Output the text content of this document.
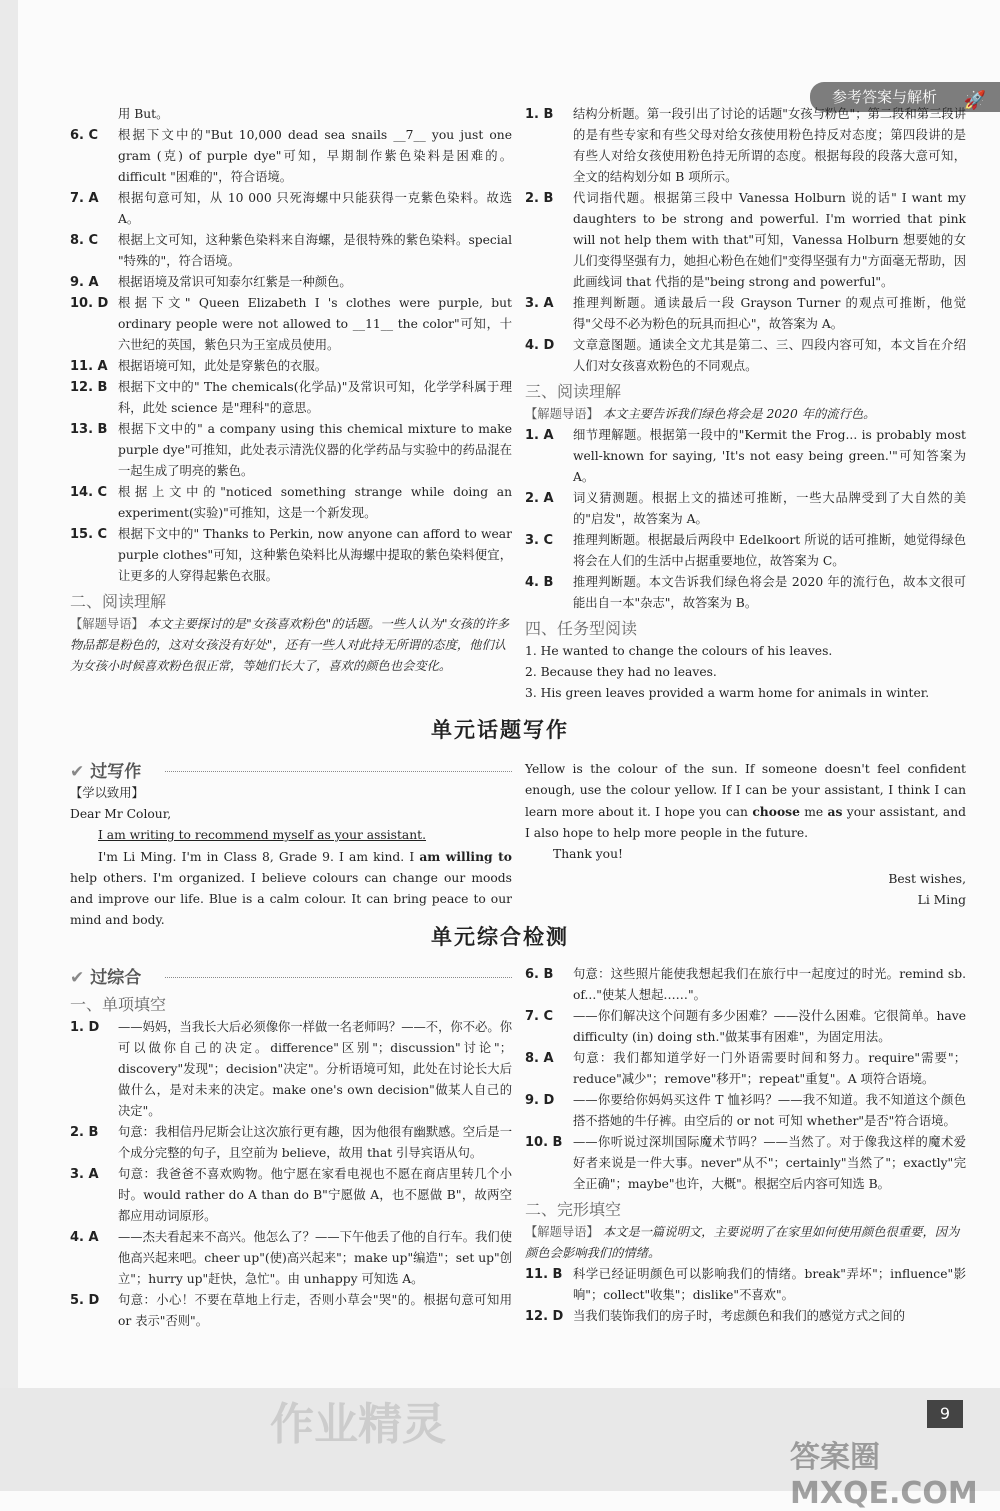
参考答案与解析 🚀
用 But。
6. C	根据下文中的"But 10,000 dead sea snails __7__ you just one gram (克) of purple dye"可知，早期制作紫色染料是困难的。difficult "困难的"，符合语境。
7. A	根据句意可知，从 10 000 只死海螺中只能获得一克紫色染料。故选 A。
8. C	根据上文可知，这种紫色染料来自海螺，是很特殊的紫色染料。special "特殊的"，符合语境。
9. A	根据语境及常识可知泰尔红紫是一种颜色。
10. D 根据下文" Queen Elizabeth I 's clothes were purple, but ordinary people were not allowed to __11__ the color"可知，十六世纪的英国，紫色只为王室成员使用。
11. A 根据语境可知，此处是穿紫色的衣服。
12. B 根据下文中的" The chemicals(化学品)"及常识可知，化学学科属于理科，此处 science 是"理科"的意思。
13. B 根据下文中的" a company using this chemical mixture to make purple dye"可推知，此处表示清洗仪器的化学药品与实验中的药品混在一起生成了明亮的紫色。
14. C 根据上文中的"noticed something strange while doing an experiment(实验)"可推知，这是一个新发现。
15. C 根据下文中的" Thanks to Perkin, now anyone can afford to wear purple clothes"可知，这种紫色染料比从海螺中提取的紫色染料便宜，让更多的人穿得起紫色衣服。
二、阅读理解
【解题导语】 本文主要探讨的是"女孩喜欢粉色"的话题。一些人认为"女孩的许多物品都是粉色的，这对女孩没有好处"，还有一些人对此持无所谓的态度，他们认为女孩小时候喜欢粉色很正常，等她们长大了，喜欢的颜色也会变化。
1. B	结构分析题。第一段引出了讨论的话题"女孩与粉色"；第二段和第三段讲的是有些专家和有些父母对给女孩使用粉色持反对态度；第四段讲的是有些人对给女孩使用粉色持无所谓的态度。根据每段的段落大意可知，全文的结构划分如 B 项所示。
2. B	代词指代题。根据第三段中 Vanessa Holburn 说的话" I want my daughters to be strong and powerful. I'm worried that pink will not help them with that"可知，Vanessa Holburn 想要她的女儿们变得坚强有力，她担心粉色在她们"变得坚强有力"方面毫无帮助，因此画线词 that 代指的是"being strong and powerful"。
3. A	推理判断题。通读最后一段 Grayson Turner 的观点可推断，他觉得"父母不必为粉色的玩具而担心"，故答案为 A。
4. D	文章意图题。通读全文尤其是第二、三、四段内容可知，本文旨在介绍人们对女孩喜欢粉色的不同观点。
三、阅读理解
【解题导语】 本文主要告诉我们绿色将会是 2020 年的流行色。
1. A	细节理解题。根据第一段中的"Kermit the Frog... is probably most well-known for saying, 'It's not easy being green.'"可知答案为 A。
2. A	词义猜测题。根据上文的描述可推断，一些大品牌受到了大自然的美的"启发"，故答案为 A。
3. C	推理判断题。根据最后两段中 Edelkoort 所说的话可推断，她觉得绿色将会在人们的生活中占据重要地位，故答案为 C。
4. B	推理判断题。本文告诉我们绿色将会是 2020 年的流行色，故本文很可能出自一本"杂志"，故答案为 B。
四、任务型阅读
1. He wanted to change the colours of his leaves.
2. Because they had no leaves.
3. His green leaves provided a warm home for animals in winter.
单元话题写作
✔ 过写作
【学以致用】
Dear Mr Colour,
I am writing to recommend myself as your assistant.
I'm Li Ming. I'm in Class 8, Grade 9. I am kind. I am willing to help others. I'm organized. I believe colours can change our moods and improve our life. Blue is a calm colour. It can bring peace to our mind and body.
Yellow is the colour of the sun. If someone doesn't feel confident enough, use the colour yellow. If I can be your assistant, I think I can learn more about it. I hope you can choose me as your assistant, and I also hope to help more people in the future.
Thank you!
Best wishes,
Li Ming
单元综合检测
✔ 过综合
一、单项填空
1. D	——妈妈，当我长大后必须像你一样做一名老师吗？——不，你不必。你可以做你自己的决定。difference"区别"；discussion"讨论"；discovery"发现"；decision"决定"。分析语境可知，此处在讨论长大后做什么，是对未来的决定。make one's own decision"做某人自己的决定"。
2. B	句意：我相信丹尼斯会让这次旅行更有趣，因为他很有幽默感。空后是一个成分完整的句子，且空前为 believe，故用 that 引导宾语从句。
3. A	句意：我爸爸不喜欢购物。他宁愿在家看电视也不愿在商店里转几个小时。would rather do A than do B"宁愿做 A，也不愿做 B"，故两空都应用动词原形。
4. A	——杰夫看起来不高兴。他怎么了？——下午他丢了他的自行车。我们使他高兴起来吧。cheer up"(使)高兴起来"；make up"编造"；set up"创立"；hurry up"赶快，急忙"。由 unhappy 可知选 A。
5. D	句意：小心！不要在草地上行走，否则小草会"哭"的。根据句意可知用 or 表示"否则"。
6. B	句意：这些照片能使我想起我们在旅行中一起度过的时光。remind sb. of..."使某人想起……"。
7. C	——你们解决这个问题有多少困难？——没什么困难。它很简单。have difficulty (in) doing sth."做某事有困难"，为固定用法。
8. A	句意：我们都知道学好一门外语需要时间和努力。require"需要"；reduce"减少"；remove"移开"；repeat"重复"。A 项符合语境。
9. D	——你要给你妈妈买这件 T 恤衫吗？——我不知道。我不知道这个颜色搭不搭她的牛仔裤。由空后的 or not 可知 whether"是否"符合语境。
10. B ——你听说过深圳国际魔术节吗？——当然了。对于像我这样的魔术爱好者来说是一件大事。never"从不"；certainly"当然了"；exactly"完全正确"；maybe"也许，大概"。根据空后内容可知选 B。
二、完形填空
【解题导语】 本文是一篇说明文，主要说明了在家里如何使用颜色很重要，因为颜色会影响我们的情绪。
11. B 科学已经证明颜色可以影响我们的情绪。break"弄坏"；influence"影响"；collect"收集"；dislike"不喜欢"。
12. D 当我们装饰我们的房子时，考虑颜色和我们的感觉方式之间的
作业精灵	9
答案圈 MXQE.COM
